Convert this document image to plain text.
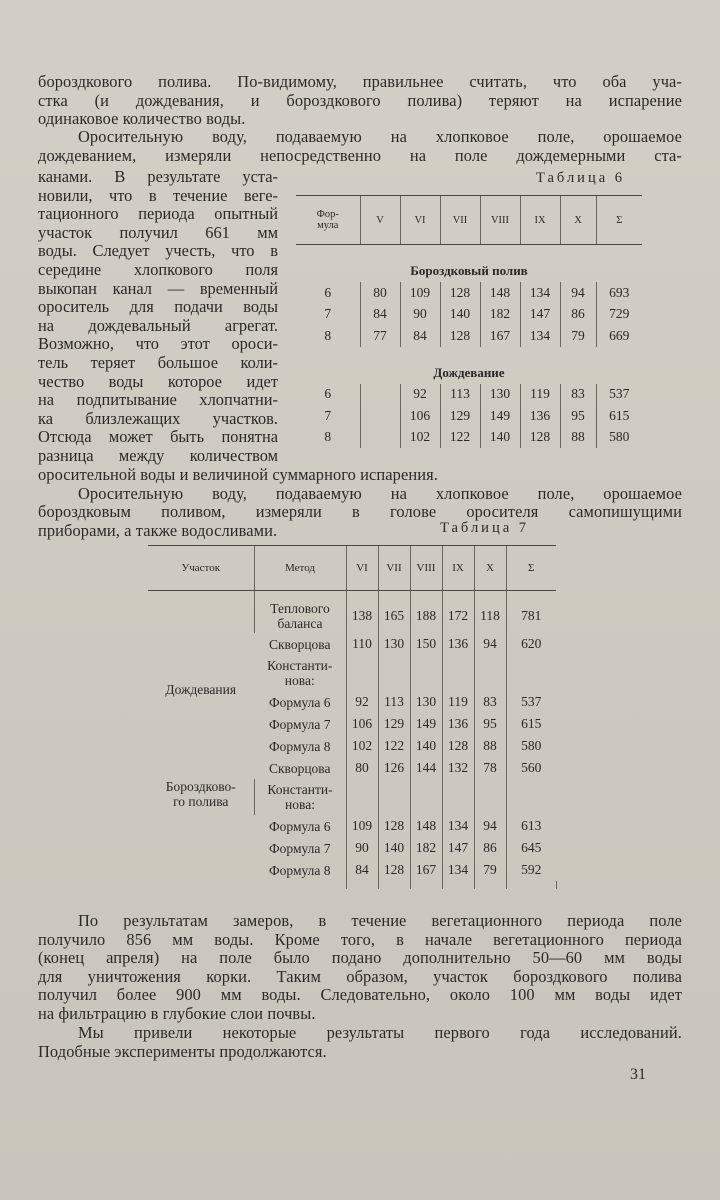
бороздкового полива. По-видимому, правильнее считать, что оба уча-
стка (и дождевания, и бороздкового полива) теряют на испарение
одинаковое количество воды.
Оросительную воду, подаваемую на хлопковое поле, орошаемое
дождеванием, измеряли непосредственно на поле дождемерными ста-
канами. В результате уста-
новили, что в течение веге-
тационного периода опытный
участок получил 661 мм
воды. Следует учесть, что в
середине хлопкового поля
выкопан канал — временный
ороситель для подачи воды
на дождевальный агрегат.
Возможно, что этот ороси-
тель теряет большое коли-
чество воды которое идет
на подпитывание хлопчатни-
ка близлежащих участков.
Отсюда может быть понятна
разница между количеством
оросительной воды и величиной суммарного испарения.

Таблица 6

Фор-
мула	V	VI	VII	VIII	IX	X	Σ
Бороздковый полив							
6	80	109	128	148	134	94	693
7	84	90	140	182	147	86	729
8	77	84	128	167	134	79	669
Дождевание							
6		92	113	130	119	83	537
7		106	129	149	136	95	615
8		102	122	140	128	88	580
Оросительную воду, подаваемую на хлопковое поле, орошаемое
бороздковым поливом, измеряли в голове оросителя самопишущими
приборами, а также водосливами.	Таблица 7

Участок	Метод	VI	VII	VIII	IX	X	Σ	

Дождевания	Теплового
баланса	138	165	188	172	118	781	
	Скворцова	110	130	150	136	94	620	
	Константи-
нова:							
	Формула 6	92	113	130	119	83	537	
	Формула 7	106	129	149	136	95	615	
	Формула 8	102	122	140	128	88	580	
	Скворцова	80	126	144	132	78	560	
Бороздково-
го полива	Константи-
нова:							
	Формула 6	109	128	148	134	94	613	
	Формула 7	90	140	182	147	86	645	
	Формула 8	84	128	167	134	79	592	

По результатам замеров, в течение вегетационного периода поле
получило 856 мм воды. Кроме того, в начале вегетационного периода
(конец апреля) на поле было подано дополнительно 50—60 мм воды
для уничтожения корки. Таким образом, участок бороздкового полива
получил более 900 мм воды. Следовательно, около 100 мм воды идет
на фильтрацию в глубокие слои почвы.
Мы привели некоторые результаты первого года исследований.
Подобные эксперименты продолжаются.
31
